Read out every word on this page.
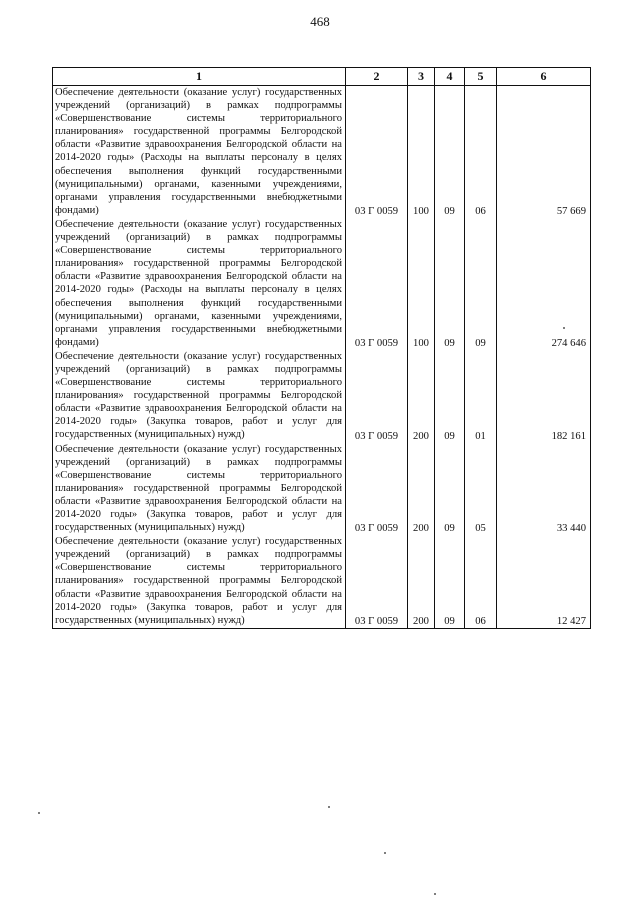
468
1	2	3	4	5	6
Обеспечение деятельности (оказание услуг) государственных учреждений (организаций) в рамках подпрограммы «Совершенствование системы территориального планирования» государственной программы Белгородской области «Развитие здравоохранения Белгородской области на 2014-2020 годы» (Расходы на выплаты персоналу в целях обеспечения выполнения функций государственными (муниципальными) органами, казенными учреждениями, органами управления государственными внебюджетными фондами)	03 Г 0059	100	09	06	57 669
Обеспечение деятельности (оказание услуг) государственных учреждений (организаций) в рамках подпрограммы «Совершенствование системы территориального планирования» государственной программы Белгородской области «Развитие здравоохранения Белгородской области на 2014-2020 годы» (Расходы на выплаты персоналу в целях обеспечения выполнения функций государственными (муниципальными) органами, казенными учреждениями, органами управления государственными внебюджетными фондами)	03 Г 0059	100	09	09	274 646
Обеспечение деятельности (оказание услуг) государственных учреждений (организаций) в рамках подпрограммы «Совершенствование системы территориального планирования» государственной программы Белгородской области «Развитие здравоохранения Белгородской области на 2014-2020 годы» (Закупка товаров, работ и услуг для государственных (муниципальных) нужд)	03 Г 0059	200	09	01	182 161
Обеспечение деятельности (оказание услуг) государственных учреждений (организаций) в рамках подпрограммы «Совершенствование системы территориального планирования» государственной программы Белгородской области «Развитие здравоохранения Белгородской области на 2014-2020 годы» (Закупка товаров, работ и услуг для государственных (муниципальных) нужд)	03 Г 0059	200	09	05	33 440
Обеспечение деятельности (оказание услуг) государственных учреждений (организаций) в рамках подпрограммы «Совершенствование системы территориального планирования» государственной программы Белгородской области «Развитие здравоохранения Белгородской области на 2014-2020 годы» (Закупка товаров, работ и услуг для государственных (муниципальных) нужд)	03 Г 0059	200	09	06	12 427
